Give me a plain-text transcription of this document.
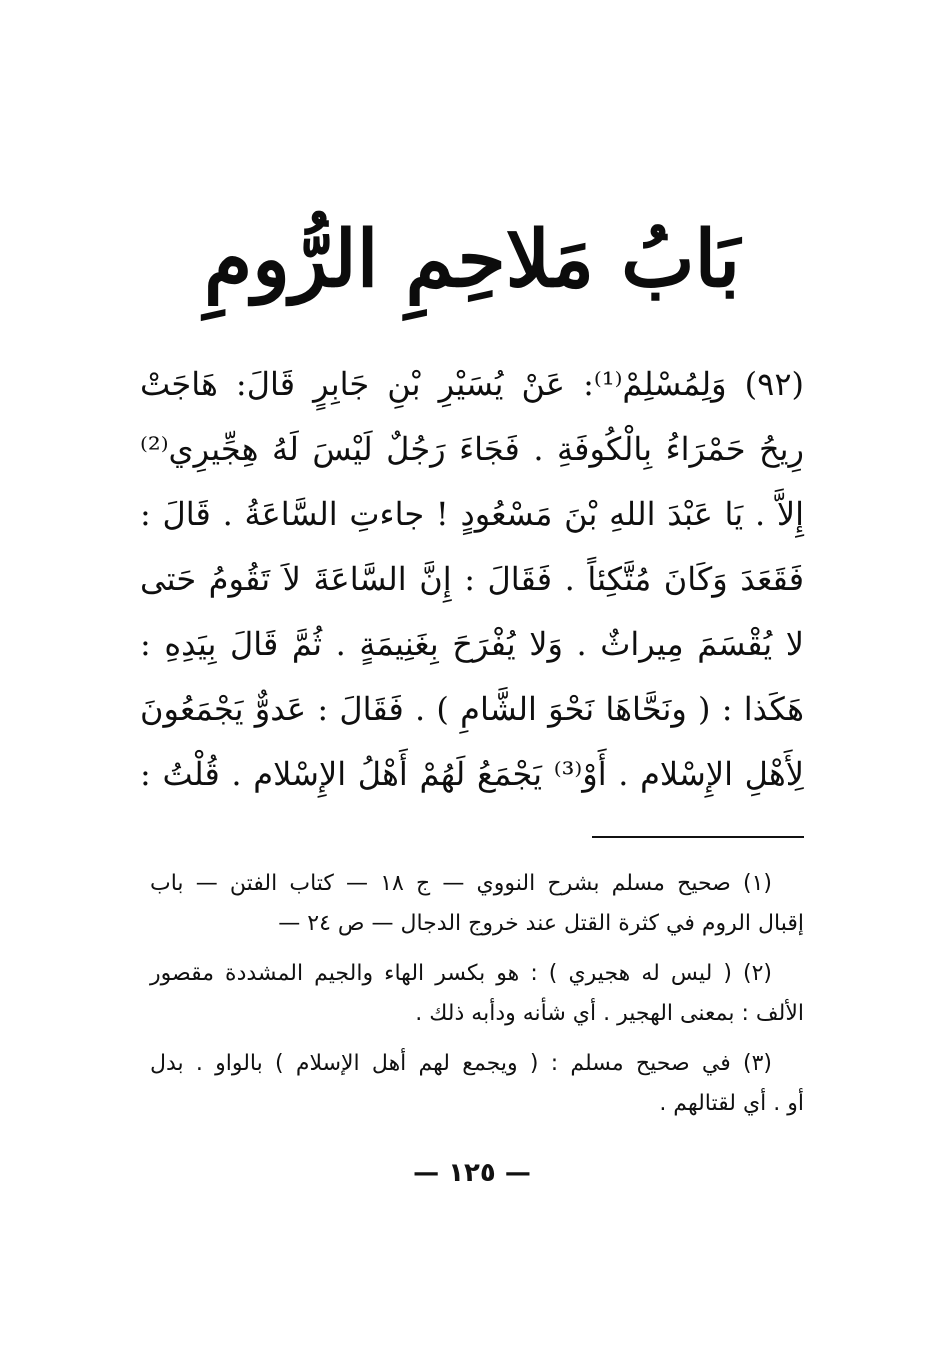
بَابُ مَلاحِمِ الرُّومِ
(٩٢) وَلِمُسْلِمْ⁽¹⁾: عَنْ يُسَيْرِ بْنِ جَابِرٍ قَالَ: هَاجَتْ
رِيحُ حَمْرَاءُ بِالْكُوفَةِ . فَجَاءَ رَجُلٌ لَيْسَ لَهُ هِجِّيرِي⁽²⁾
إِلاَّ . يَا عَبْدَ اللهِ بْنَ مَسْعُودٍ ! جاءتِ السَّاعَةُ . قَالَ :
فَقَعَدَ وَكَانَ مُتَّكِئاً . فَقَالَ : إِنَّ السَّاعَةَ لاَ تَقُومُ حَتى
لا يُقْسَمَ مِيراثٌ . وَلا يُفْرَحَ بِغَنِيمَةٍ . ثُمَّ قَالَ بِيَدِهِ :
هَكَذا : ( ونَحَّاهَا نَحْوَ الشَّامِ ) . فَقَالَ : عَدوٌّ يَجْمَعُونَ
لِأَهْلِ الإِسْلام . أَوْ⁽³⁾ يَجْمَعُ لَهُمْ أَهْلُ الإِسْلام . قُلْتُ :
(١) صحيح مسلم بشرح النووي — ج ١٨ — كتاب الفتن — باب
إقبال الروم في كثرة القتل عند خروج الدجال — ص ٢٤ —
(٢) ( ليس له هجيري ) : هو بكسر الهاء والجيم المشددة مقصور
الألف : بمعنى الهجير . أي شأنه ودأبه ذلك .
(٣) في صحيح مسلم : ( ويجمع لهم أهل الإسلام ) بالواو . بدل
أو . أي لقتالهم .
— ١٢٥ —
